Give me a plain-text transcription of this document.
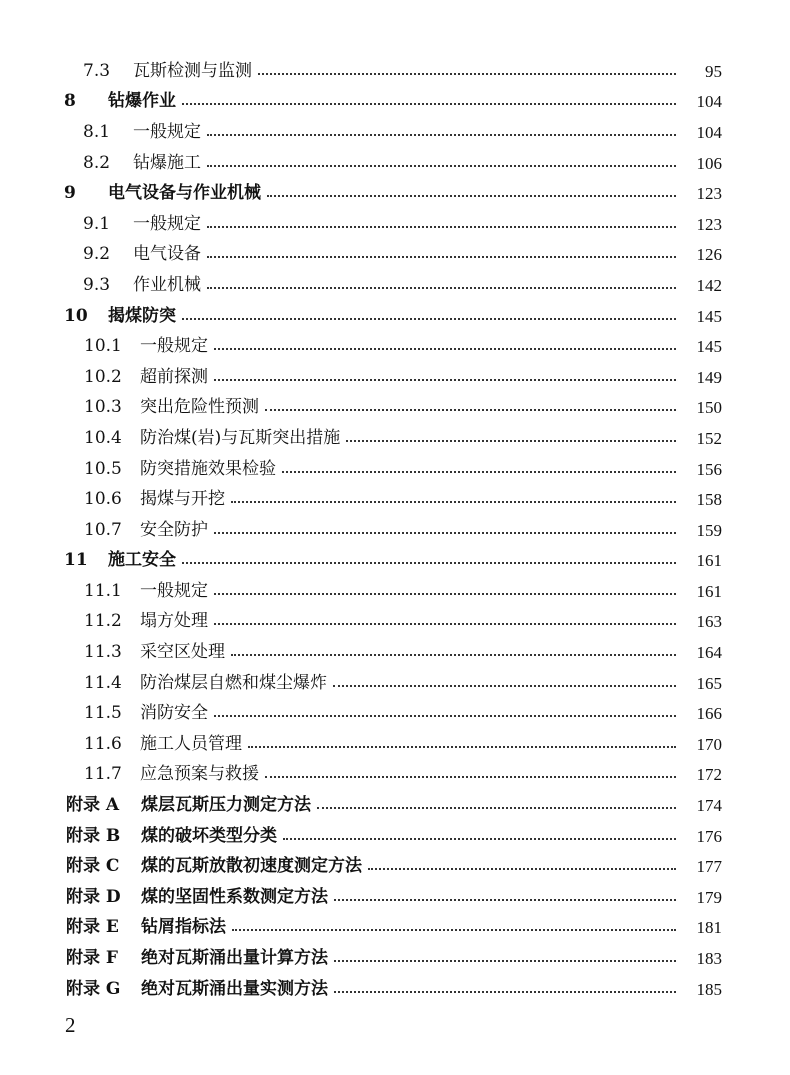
7.3	瓦斯检测与监测	95
8	钻爆作业	104
8.1	一般规定	104
8.2	钻爆施工	106
9	电气设备与作业机械	123
9.1	一般规定	123
9.2	电气设备	126
9.3	作业机械	142
10	揭煤防突	145
10.1	一般规定	145
10.2	超前探测	149
10.3	突出危险性预测	150
10.4	防治煤(岩)与瓦斯突出措施	152
10.5	防突措施效果检验	156
10.6	揭煤与开挖	158
10.7	安全防护	159
11	施工安全	161
11.1	一般规定	161
11.2	塌方处理	163
11.3	采空区处理	164
11.4	防治煤层自燃和煤尘爆炸	165
11.5	消防安全	166
11.6	施工人员管理	170
11.7	应急预案与救援	172
附录 A	煤层瓦斯压力测定方法	174
附录 B	煤的破坏类型分类	176
附录 C	煤的瓦斯放散初速度测定方法	177
附录 D	煤的坚固性系数测定方法	179
附录 E	钻屑指标法	181
附录 F	绝对瓦斯涌出量计算方法	183
附录 G	绝对瓦斯涌出量实测方法	185
2
